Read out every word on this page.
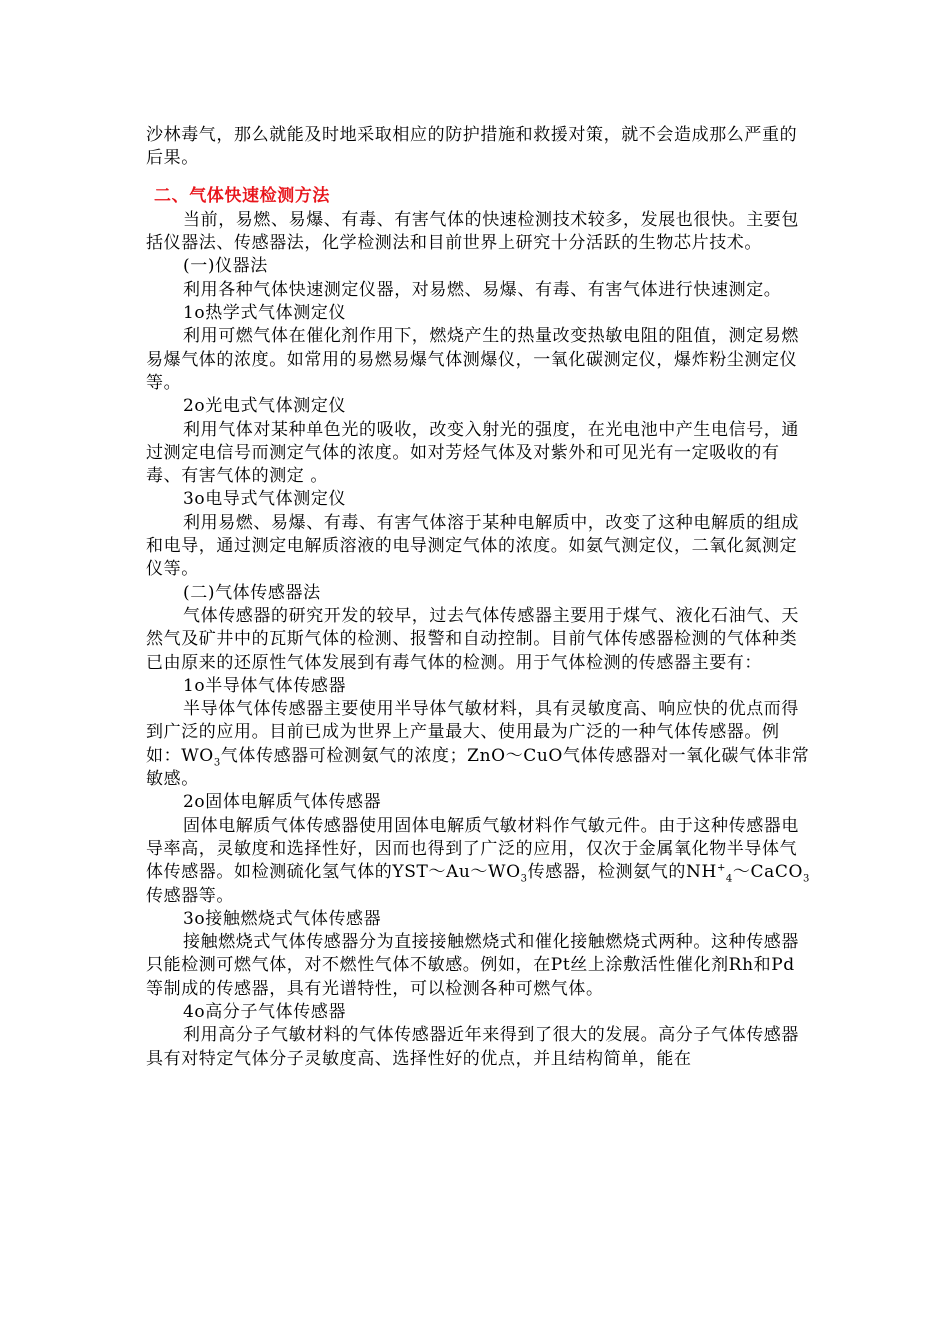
沙林毒气，那么就能及时地采取相应的防护措施和救援对策，就不会造成那么严重的后果。

二、气体快速检测方法

当前，易燃、易爆、有毒、有害气体的快速检测技术较多，发展也很快。主要包括仪器法、传感器法，化学检测法和目前世界上研究十分活跃的生物芯片技术。

(一)仪器法

利用各种气体快速测定仪器，对易燃、易爆、有毒、有害气体进行快速测定。

1o热学式气体测定仪

利用可燃气体在催化剂作用下，燃烧产生的热量改变热敏电阻的阻值，测定易燃易爆气体的浓度。如常用的易燃易爆气体测爆仪，一氧化碳测定仪，爆炸粉尘测定仪等。

2o光电式气体测定仪

利用气体对某种单色光的吸收，改变入射光的强度，在光电池中产生电信号，通过测定电信号而测定气体的浓度。如对芳烃气体及对紫外和可见光有一定吸收的有毒、有害气体的测定 。

3o电导式气体测定仪

利用易燃、易爆、有毒、有害气体溶于某种电解质中，改变了这种电解质的组成和电导，通过测定电解质溶液的电导测定气体的浓度。如氨气测定仪，二氧化氮测定仪等。

(二)气体传感器法

气体传感器的研究开发的较早，过去气体传感器主要用于煤气、液化石油气、天然气及矿井中的瓦斯气体的检测、报警和自动控制。目前气体传感器检测的气体种类已由原来的还原性气体发展到有毒气体的检测。用于气体检测的传感器主要有：

1o半导体气体传感器

半导体气体传感器主要使用半导体气敏材料，具有灵敏度高、响应快的优点而得到广泛的应用。目前已成为世界上产量最大、使用最为广泛的一种气体传感器。例如：$WO_3$气体传感器可检测氨气的浓度；ZnO～CuO气体传感器对一氧化碳气体非常敏感。

2o固体电解质气体传感器

固体电解质气体传感器使用固体电解质气敏材料作气敏元件。由于这种传感器电导率高，灵敏度和选择性好，因而也得到了广泛的应用，仅次于金属氧化物半导体气体传感器。如检测硫化氢气体的$YST\sim Au\sim WO_3$传感器，检测氨气的$NH^+_4\sim CaCO_3$传感器等。

3o接触燃烧式气体传感器

接触燃烧式气体传感器分为直接接触燃烧式和催化接触燃烧式两种。这种传感器只能检测可燃气体，对不燃性气体不敏感。例如，在Pt丝上涂敷活性催化剂Rh和Pd等制成的传感器，具有光谱特性，可以检测各种可燃气体。

4o高分子气体传感器

利用高分子气敏材料的气体传感器近年来得到了很大的发展。高分子气体传感器具有对特定气体分子灵敏度高、选择性好的优点，并且结构简单，能在
